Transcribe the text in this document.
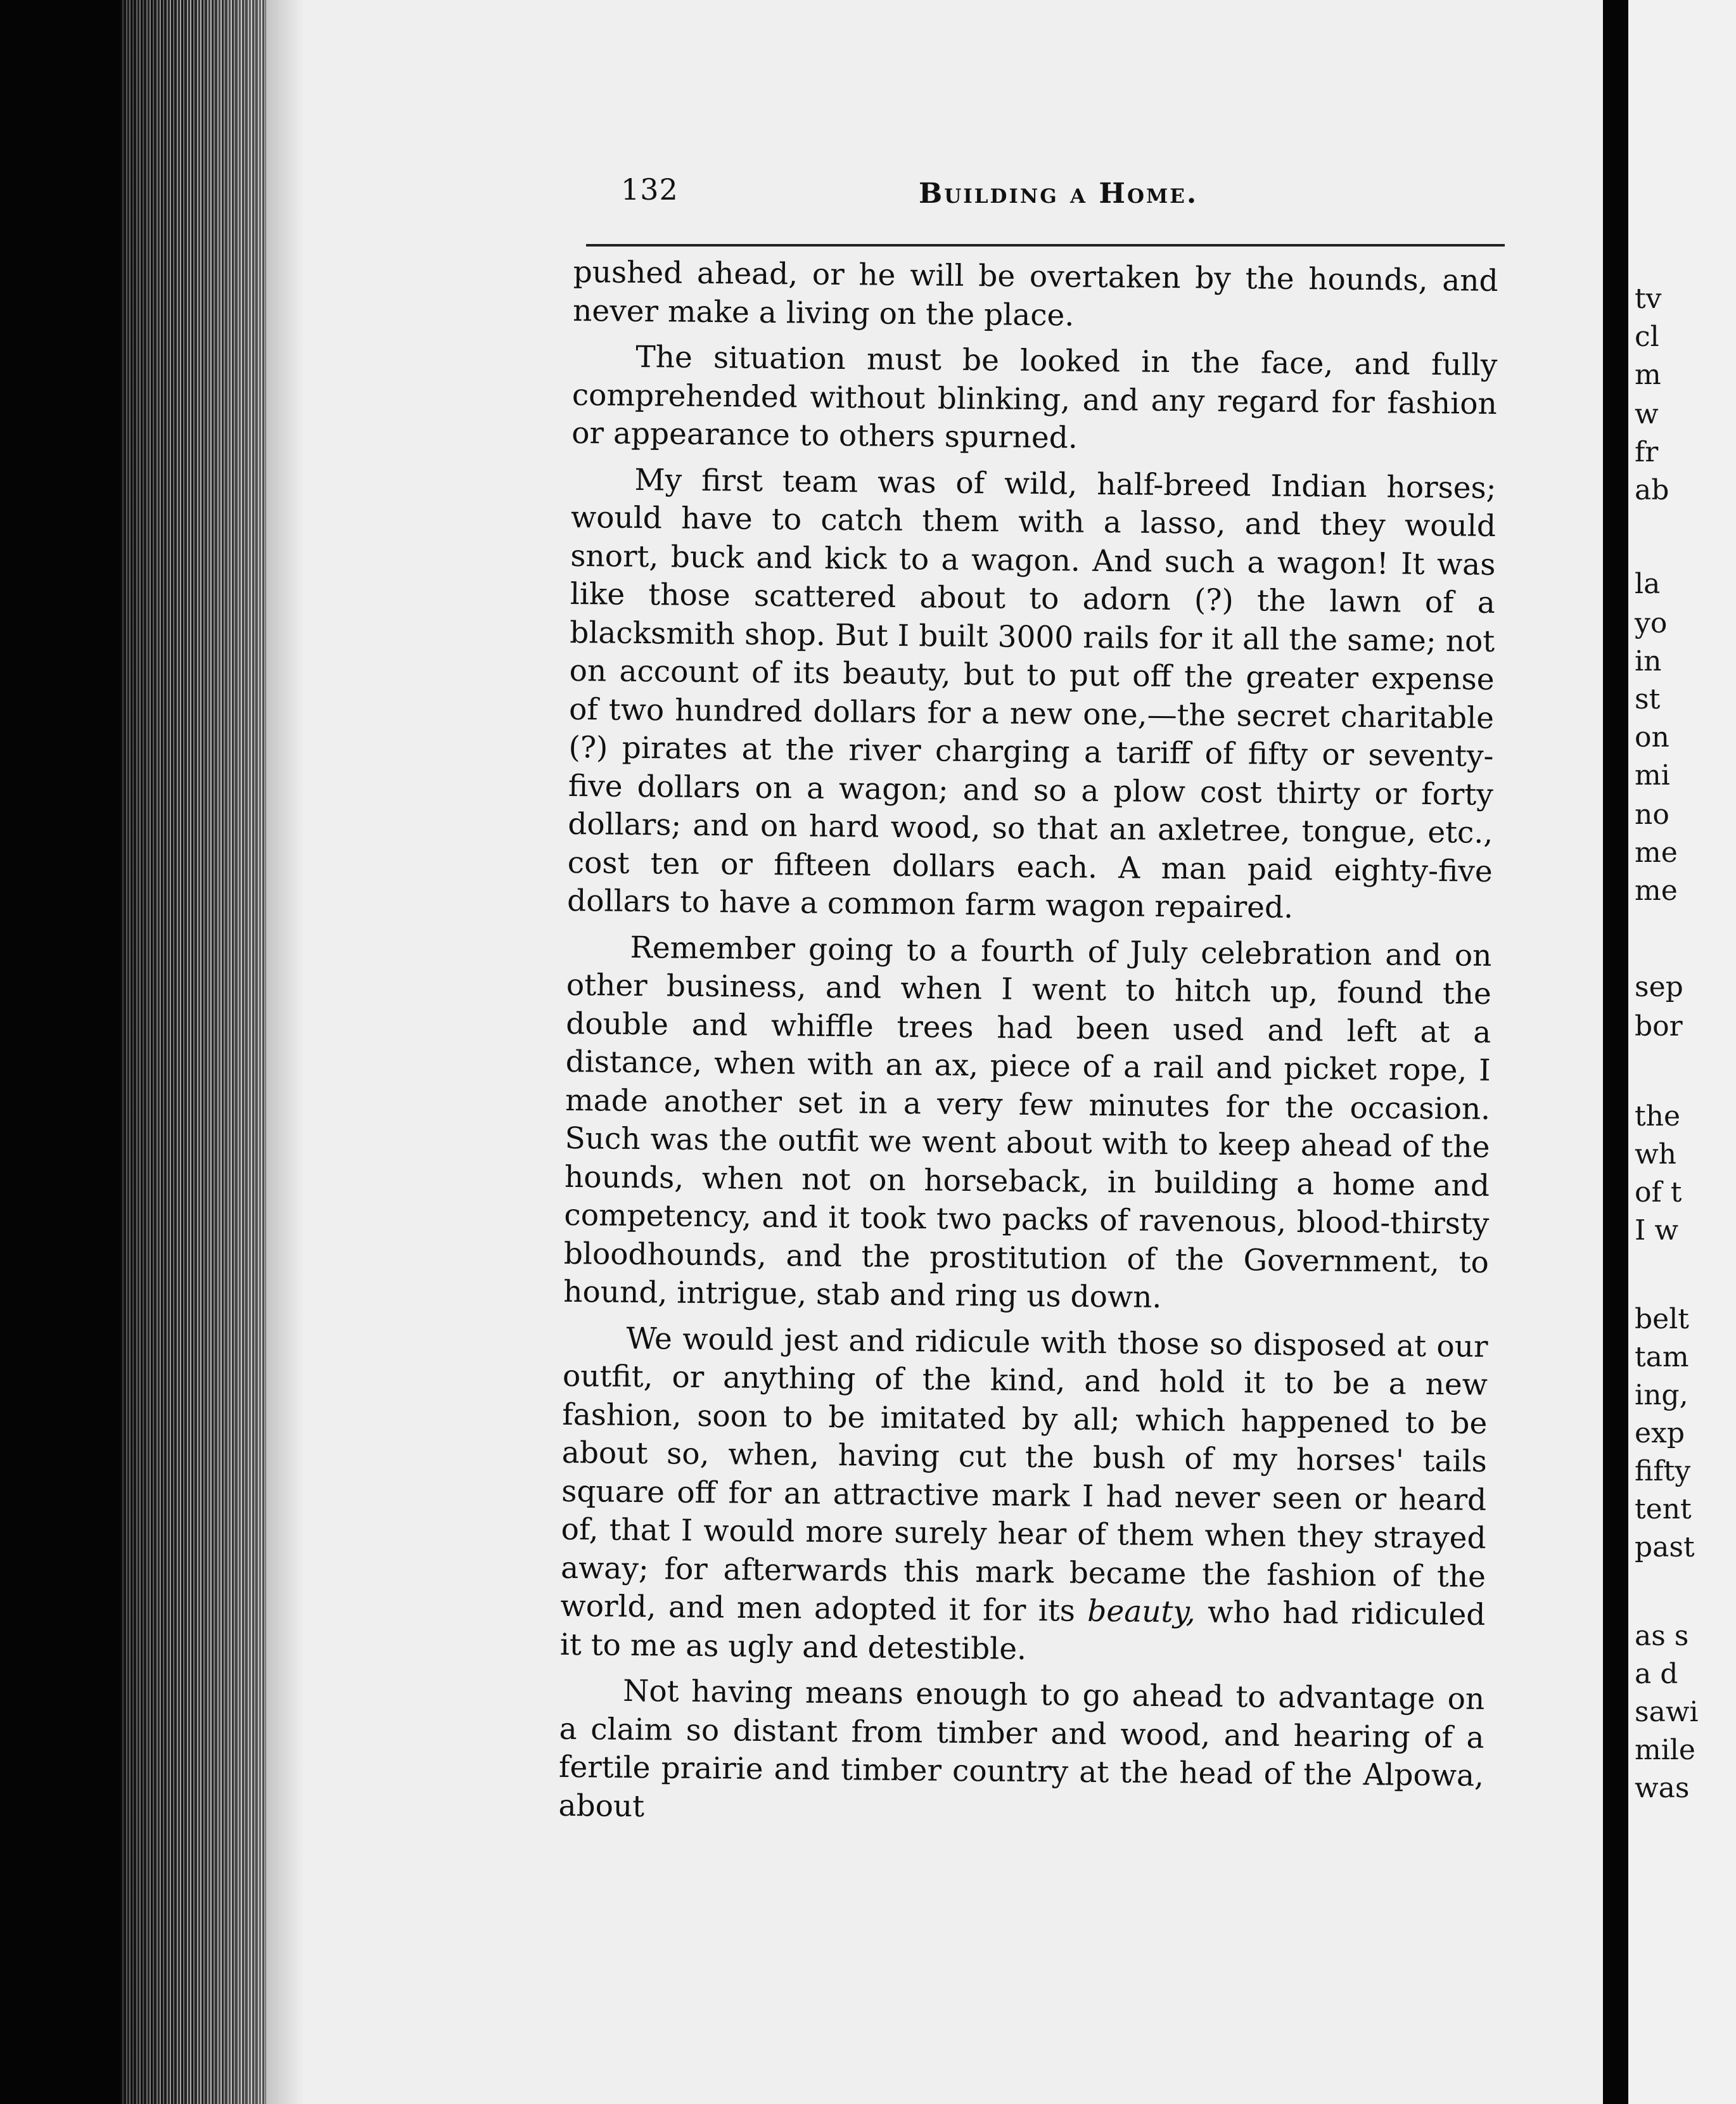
132	Building a Home.

pushed ahead, or he will be overtaken by the hounds, and never make a living on the place.

The situation must be looked in the face, and fully comprehended without blinking, and any regard for fashion or appearance to others spurned.

My first team was of wild, half-breed Indian horses; would have to catch them with a lasso, and they would snort, buck and kick to a wagon. And such a wagon! It was like those scattered about to adorn (?) the lawn of a blacksmith shop. But I built 3000 rails for it all the same; not on account of its beauty, but to put off the greater expense of two hundred dollars for a new one,—the secret charitable (?) pirates at the river charging a tariff of fifty or seventy-five dollars on a wagon; and so a plow cost thirty or forty dollars; and on hard wood, so that an axletree, tongue, etc., cost ten or fifteen dollars each. A man paid eighty-five dollars to have a common farm wagon repaired.

Remember going to a fourth of July celebration and on other business, and when I went to hitch up, found the double and whiffle trees had been used and left at a distance, when with an ax, piece of a rail and picket rope, I made another set in a very few minutes for the occasion. Such was the outfit we went about with to keep ahead of the hounds, when not on horseback, in building a home and competency, and it took two packs of ravenous, blood-thirsty bloodhounds, and the prostitution of the Government, to hound, intrigue, stab and ring us down.

We would jest and ridicule with those so disposed at our outfit, or anything of the kind, and hold it to be a new fashion, soon to be imitated by all; which happened to be about so, when, having cut the bush of my horses' tails square off for an attractive mark I had never seen or heard of, that I would more surely hear of them when they strayed away; for afterwards this mark became the fashion of the world, and men adopted it for its beauty, who had ridiculed it to me as ugly and detestible.

Not having means enough to go ahead to advantage on a claim so distant from timber and wood, and hearing of a fertile prairie and timber country at the head of the Alpowa, about

tv
cl
m
w
fr
ab
la
yo
in
st
on
mi
no
me
me
sep
bor
the
wh
of t
I w
belt
tam
ing,
exp
fifty
tent
past
as s
a d
sawi
mile
was
